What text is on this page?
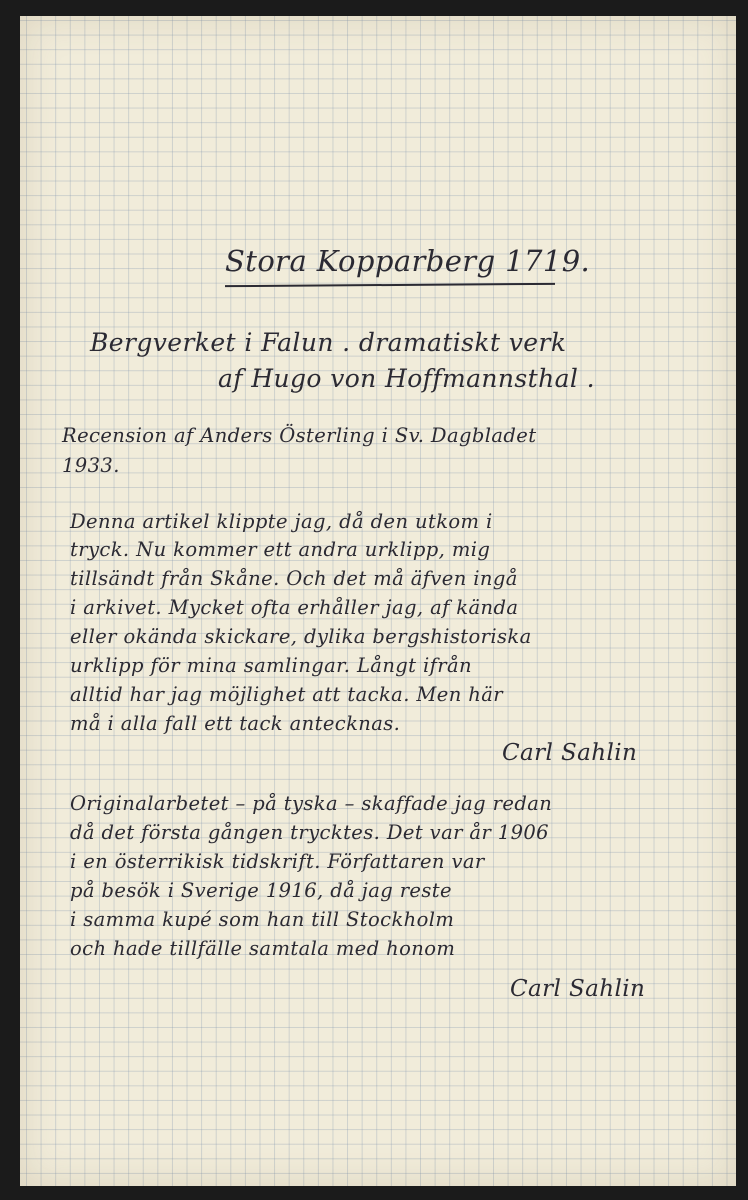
Stora Kopparberg 1719.

Bergverket i Falun . dramatiskt verk

af Hugo von Hoffmannsthal .

Recension af Anders Österling i Sv. Dagbladet

1933.

Denna artikel klippte jag, då den utkom i

tryck. Nu kommer ett andra urklipp, mig

tillsändt från Skåne. Och det må äfven ingå

i arkivet. Mycket ofta erhåller jag, af kända

eller okända skickare, dylika bergshistoriska

urklipp för mina samlingar. Långt ifrån

alltid har jag möjlighet att tacka. Men här

må i alla fall ett tack antecknas.

Carl Sahlin

Originalarbetet – på tyska – skaffade jag redan

då det första gången trycktes. Det var år 1906

i en österrikisk tidskrift. Författaren var

på besök i Sverige 1916, då jag reste

i samma kupé som han till Stockholm

och hade tillfälle samtala med honom

Carl Sahlin
